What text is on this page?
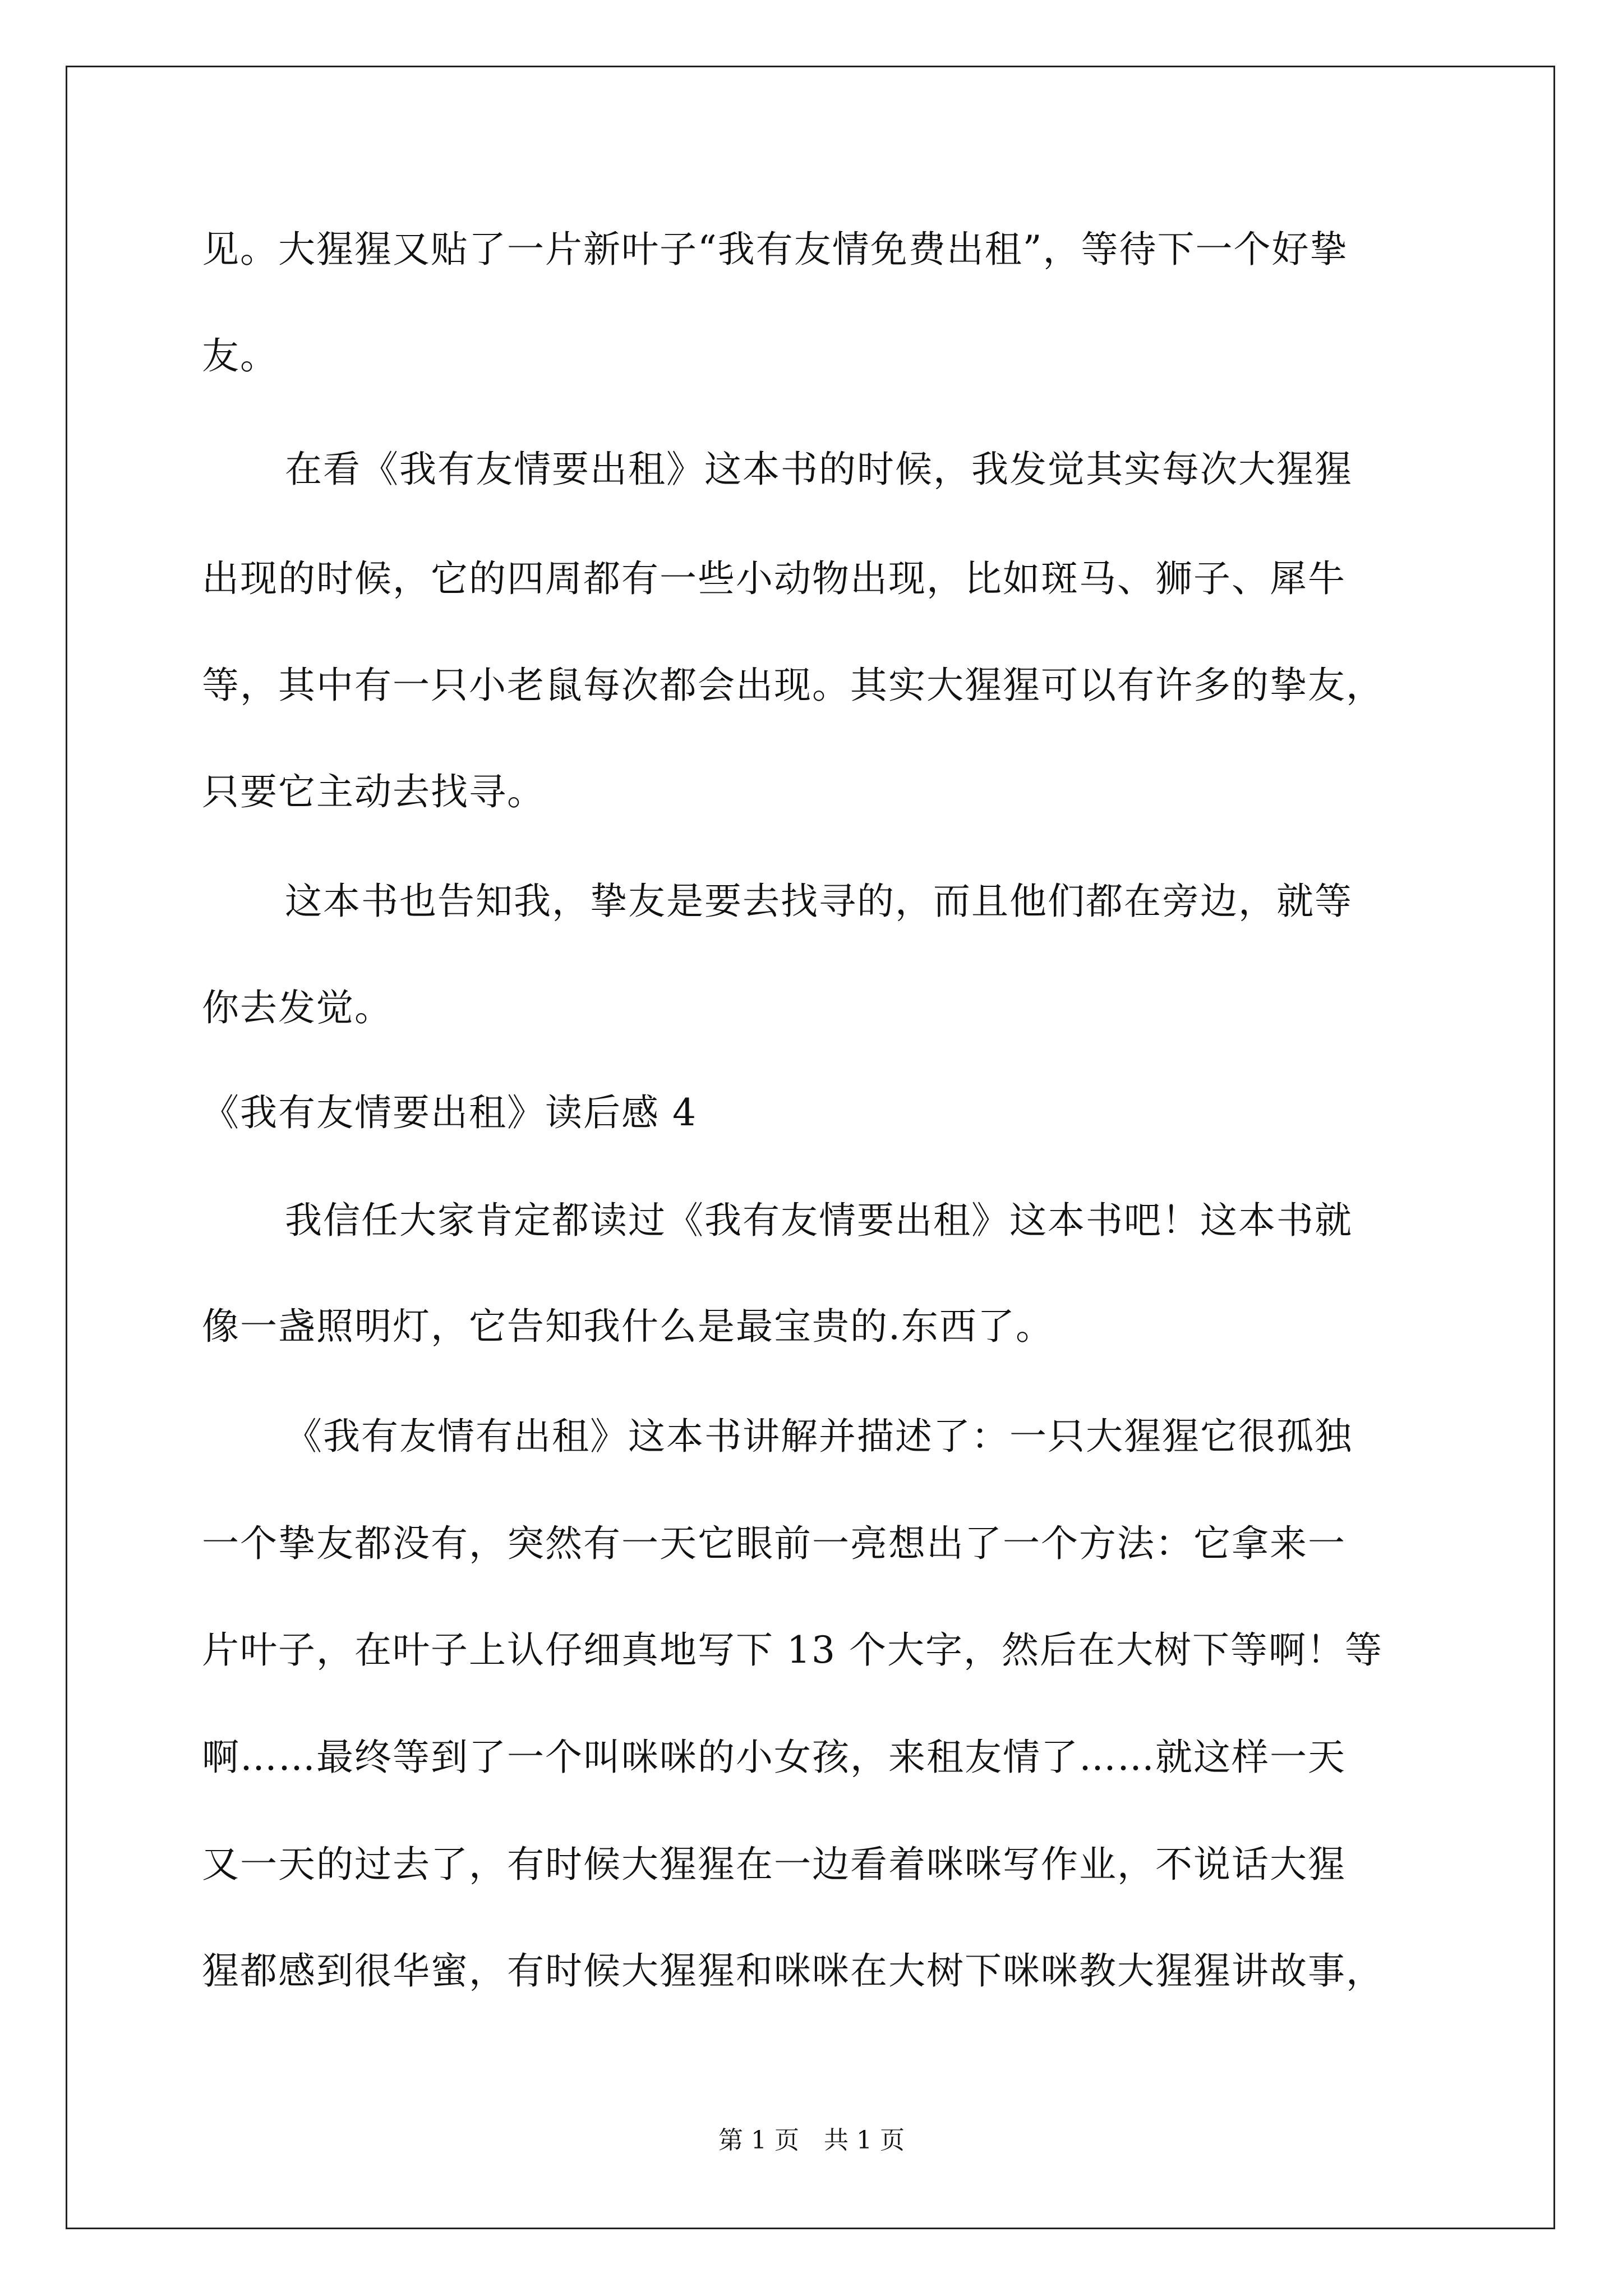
见。大猩猩又贴了一片新叶子“我有友情免费出租”，等待下一个好挚
友。
在看《我有友情要出租》这本书的时候，我发觉其实每次大猩猩
出现的时候，它的四周都有一些小动物出现，比如斑马、狮子、犀牛
等，其中有一只小老鼠每次都会出现。其实大猩猩可以有许多的挚友，
只要它主动去找寻。
这本书也告知我，挚友是要去找寻的，而且他们都在旁边，就等
你去发觉。
《我有友情要出租》读后感 4
我信任大家肯定都读过《我有友情要出租》这本书吧！这本书就
像一盏照明灯，它告知我什么是最宝贵的.东西了。
《我有友情有出租》这本书讲解并描述了：一只大猩猩它很孤独
一个挚友都没有，突然有一天它眼前一亮想出了一个方法：它拿来一
片叶子，在叶子上认仔细真地写下 13 个大字，然后在大树下等啊！等
啊……最终等到了一个叫咪咪的小女孩，来租友情了……就这样一天
又一天的过去了，有时候大猩猩在一边看着咪咪写作业，不说话大猩
猩都感到很华蜜，有时候大猩猩和咪咪在大树下咪咪教大猩猩讲故事，
第 1 页　共 1 页
